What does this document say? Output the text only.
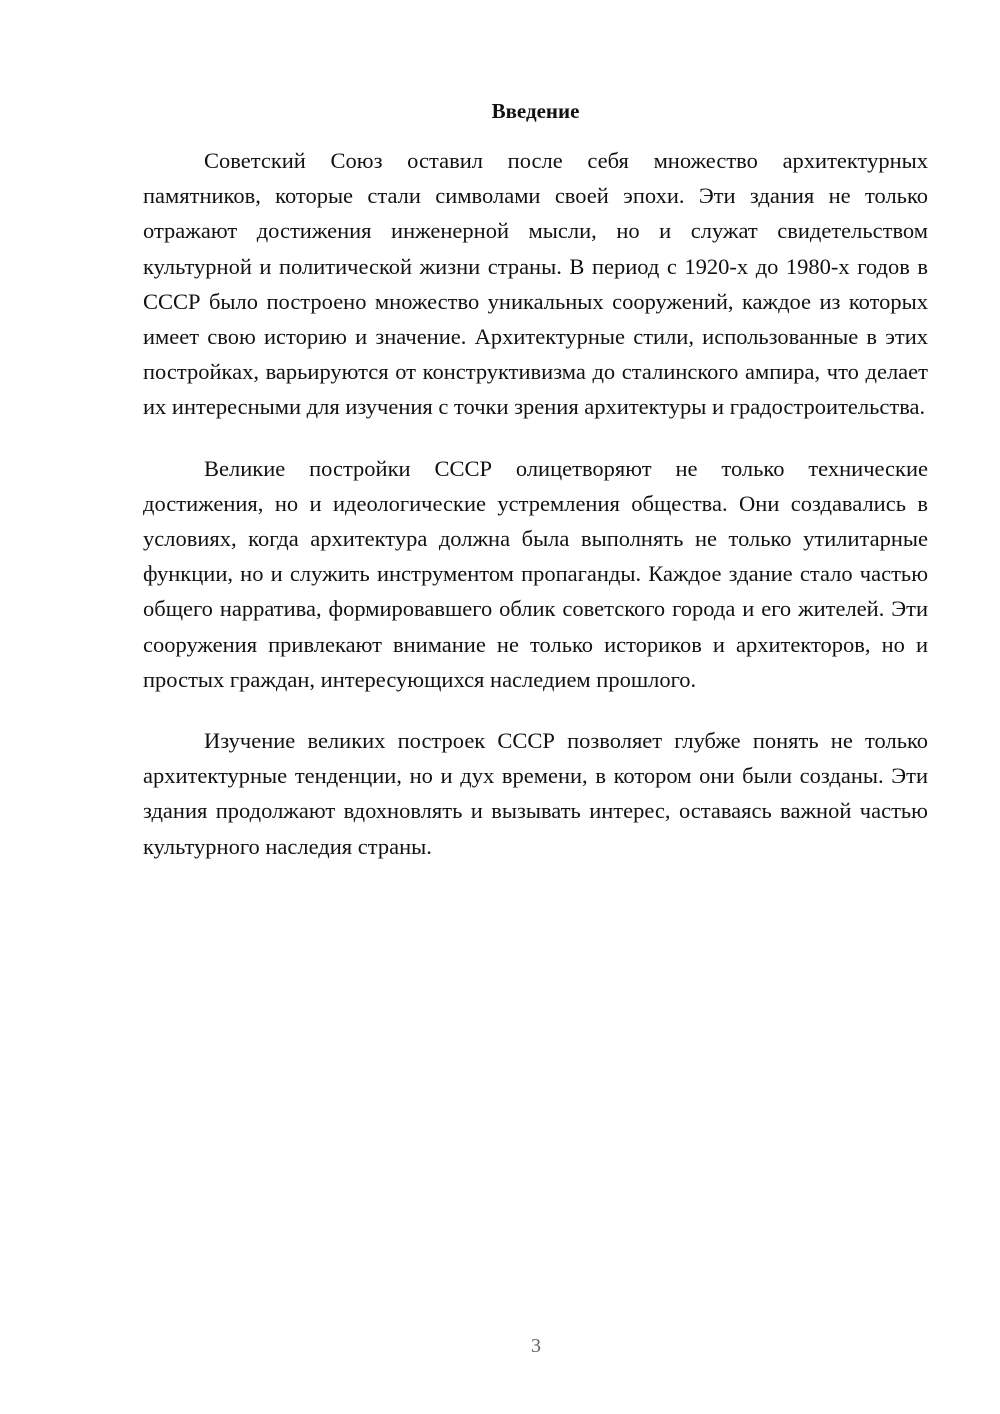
Введение

Советский Союз оставил после себя множество архитектурных памятников, которые стали символами своей эпохи. Эти здания не только отражают достижения инженерной мысли, но и служат свидетельством культурной и политической жизни страны. В период с 1920-х до 1980-х годов в СССР было построено множество уникальных сооружений, каждое из которых имеет свою историю и значение. Архитектурные стили, использованные в этих постройках, варьируются от конструктивизма до сталинского ампира, что делает их интересными для изучения с точки зрения архитектуры и градостроительства.

Великие постройки СССР олицетворяют не только технические достижения, но и идеологические устремления общества. Они создавались в условиях, когда архитектура должна была выполнять не только утилитарные функции, но и служить инструментом пропаганды. Каждое здание стало частью общего нарратива, формировавшего облик советского города и его жителей. Эти сооружения привлекают внимание не только историков и архитекторов, но и простых граждан, интересующихся наследием прошлого.

Изучение великих построек СССР позволяет глубже понять не только архитектурные тенденции, но и дух времени, в котором они были созданы. Эти здания продолжают вдохновлять и вызывать интерес, оставаясь важной частью культурного наследия страны.

3
